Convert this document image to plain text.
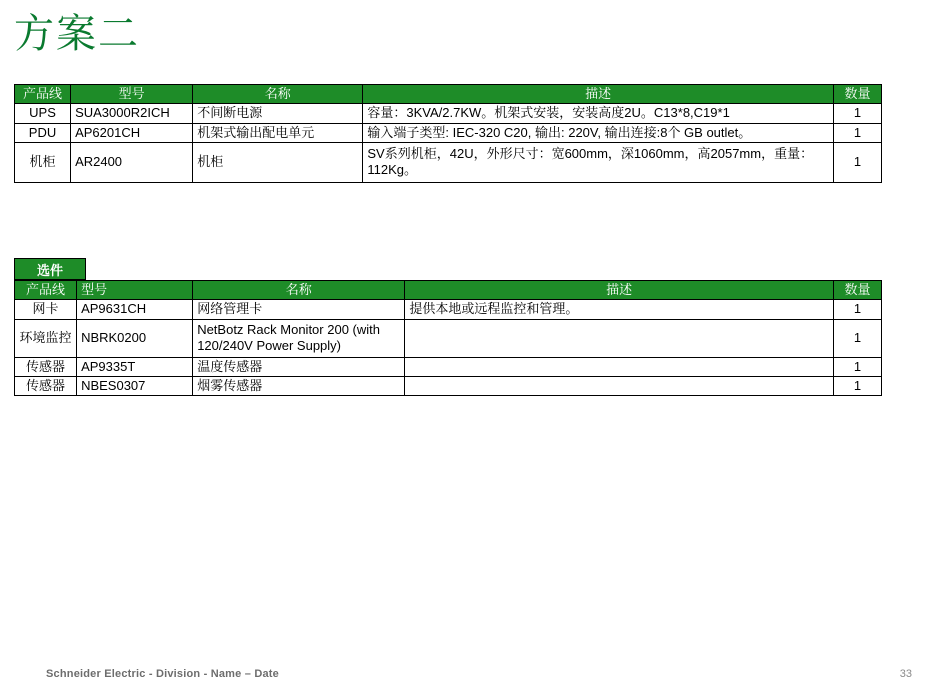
方案二
产品线	型号	名称	描述	数量
UPS	SUA3000R2ICH	不间断电源	容量：3KVA/2.7KW。机架式安装，安装高度2U。C13*8,C19*1	1
PDU	AP6201CH	机架式输出配电单元	输入端子类型: IEC-320 C20, 输出: 220V, 输出连接:8个 GB outlet。	1
机柜	AR2400	机柜	SV系列机柜，42U，外形尺寸：宽600mm，深1060mm，高2057mm，重量：112Kg。	1
选件
产品线	型号	名称	描述	数量
网卡	AP9631CH	网络管理卡	提供本地或远程监控和管理。	1
环境监控	NBRK0200	NetBotz Rack Monitor 200 (with 120/240V Power Supply)		1
传感器	AP9335T	温度传感器		1
传感器	NBES0307	烟雾传感器		1
Schneider Electric - Division - Name – Date	33
